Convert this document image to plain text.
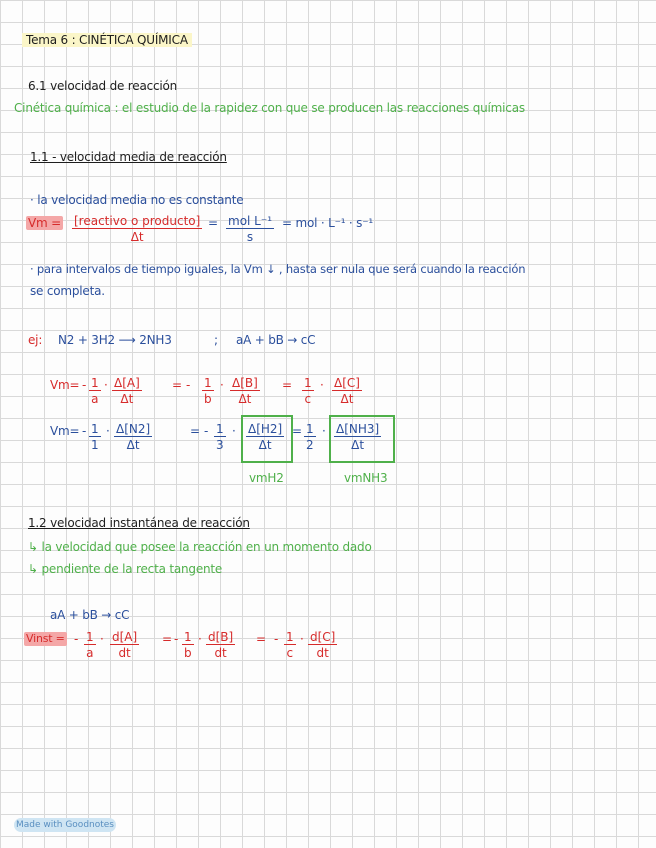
Tema 6 : CINÉTICA QUÍMICA
6.1 velocidad de reacción
Cinética química : el estudio de la rapidez con que se producen las reacciones químicas
1.1 - velocidad media de reacción
· la velocidad media no es constante
Vm = [reactivo o producto]
Δt
= mol L⁻¹
s
= mol · L⁻¹ · s⁻¹
· para intervalos de tiempo iguales, la Vm ↓ , hasta ser nula que será cuando la reacción
se completa.
ej: N2 + 3H2 ⟶ 2NH3	; aA + bB → cC
$Vm= - \frac{1}{a} \cdot \frac{\Delta[A]}{\Delta t}$	= - $\frac{1}{b} \cdot \frac{\Delta[B]}{\Delta t} = \frac{1}{c} \cdot \frac{\Delta[C]}{\Delta t}$
$Vm= - \frac{1}{1} \cdot \frac{\Delta[N2]}{\Delta t}$	= - $\frac{1}{3} \cdot \frac{\Delta[H2]}{\Delta t} = \frac{1}{2} \cdot \frac{\Delta[NH3]}{\Delta t}$
vmH2	vmNH3
1.2 velocidad instantánea de reacción
↳ la velocidad que posee la reacción en un momento dado
↳ pendiente de la recta tangente
aA + bB → cC
Vinst = - $\frac{1}{a} \cdot \frac{d[A]}{dt}$ = - $\frac{1}{b} \cdot \frac{d[B]}{dt}$ = - $\frac{1}{c} \cdot \frac{d[C]}{dt}$
Made with Goodnotes
